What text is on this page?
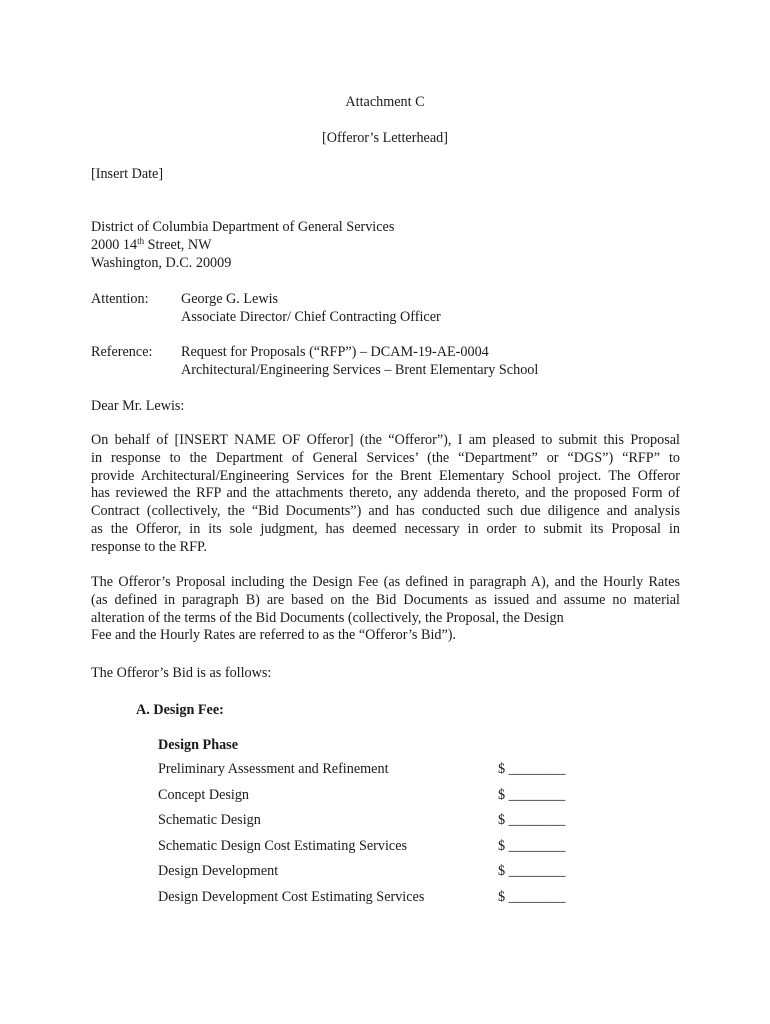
Attachment C
[Offeror’s Letterhead]
[Insert Date]
District of Columbia Department of General Services
2000 14th Street, NW
Washington, D.C. 20009
Attention: George G. Lewis
Associate Director/ Chief Contracting Officer
Reference: Request for Proposals (“RFP”) – DCAM-19-AE-0004
Architectural/Engineering Services – Brent Elementary School
Dear Mr. Lewis:
On behalf of [INSERT NAME OF Offeror] (the “Offeror”), I am pleased to submit this Proposal
in response to the Department of General Services’ (the “Department” or “DGS”) “RFP” to
provide Architectural/Engineering Services for the Brent Elementary School project. The Offeror
has reviewed the RFP and the attachments thereto, any addenda thereto, and the proposed Form of
Contract (collectively, the “Bid Documents”) and has conducted such due diligence and analysis
as the Offeror, in its sole judgment, has deemed necessary in order to submit its Proposal in
response to the RFP.
The Offeror’s Proposal including the Design Fee (as defined in paragraph A), and the Hourly Rates
(as defined in paragraph B) are based on the Bid Documents as issued and assume no material
alteration of the terms of the Bid Documents (collectively, the Proposal, the Design
Fee and the Hourly Rates are referred to as the “Offeror’s Bid”).
The Offeror’s Bid is as follows:
A. Design Fee:
Design Phase
Preliminary Assessment and Refinement	$ ________
Concept Design	$ ________
Schematic Design	$ ________
Schematic Design Cost Estimating Services	$ ________
Design Development	$ ________
Design Development Cost Estimating Services	$ ________
